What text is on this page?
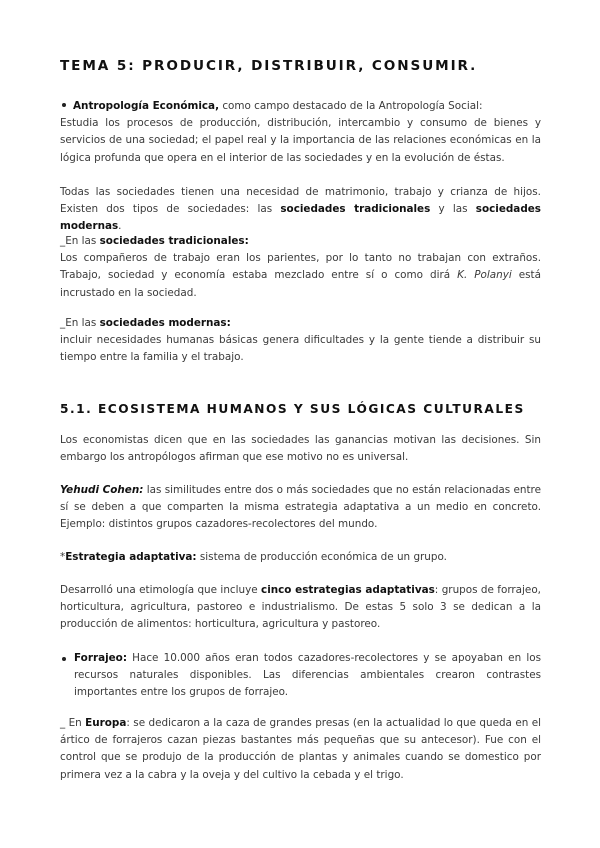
TEMA 5: PRODUCIR, DISTRIBUIR, CONSUMIR.
Antropología Económica, como campo destacado de la Antropología Social:
Estudia los procesos de producción, distribución, intercambio y consumo de bienes y servicios de una sociedad; el papel real y la importancia de las relaciones económicas en la lógica profunda que opera en el interior de las sociedades y en la evolución de éstas.
Todas las sociedades tienen una necesidad de matrimonio, trabajo y crianza de hijos. Existen dos tipos de sociedades: las sociedades tradicionales y las sociedades modernas.
_En las sociedades tradicionales:
Los compañeros de trabajo eran los parientes, por lo tanto no trabajan con extraños. Trabajo, sociedad y economía estaba mezclado entre sí o como dirá K. Polanyi está incrustado en la sociedad.
_En las sociedades modernas:
incluir necesidades humanas básicas genera dificultades y la gente tiende a distribuir su tiempo entre la familia y el trabajo.
5.1. ECOSISTEMA HUMANOS Y SUS LÓGICAS CULTURALES
Los economistas dicen que en las sociedades las ganancias motivan las decisiones. Sin embargo los antropólogos afirman que ese motivo no es universal.
Yehudi Cohen: las similitudes entre dos o más sociedades que no están relacionadas entre sí se deben a que comparten la misma estrategia adaptativa a un medio en concreto. Ejemplo: distintos grupos cazadores-recolectores del mundo.
*Estrategia adaptativa: sistema de producción económica de un grupo.
Desarrolló una etimología que incluye cinco estrategias adaptativas: grupos de forrajeo, horticultura, agricultura, pastoreo e industrialismo. De estas 5 solo 3 se dedican a la producción de alimentos: horticultura, agricultura y pastoreo.
Forrajeo: Hace 10.000 años eran todos cazadores-recolectores y se apoyaban en los recursos naturales disponibles. Las diferencias ambientales crearon contrastes importantes entre los grupos de forrajeo.
_ En Europa: se dedicaron a la caza de grandes presas (en la actualidad lo que queda en el ártico de forrajeros cazan piezas bastantes más pequeñas que su antecesor). Fue con el control que se produjo de la producción de plantas y animales cuando se domestico por primera vez a la cabra y la oveja y del cultivo la cebada y el trigo.
